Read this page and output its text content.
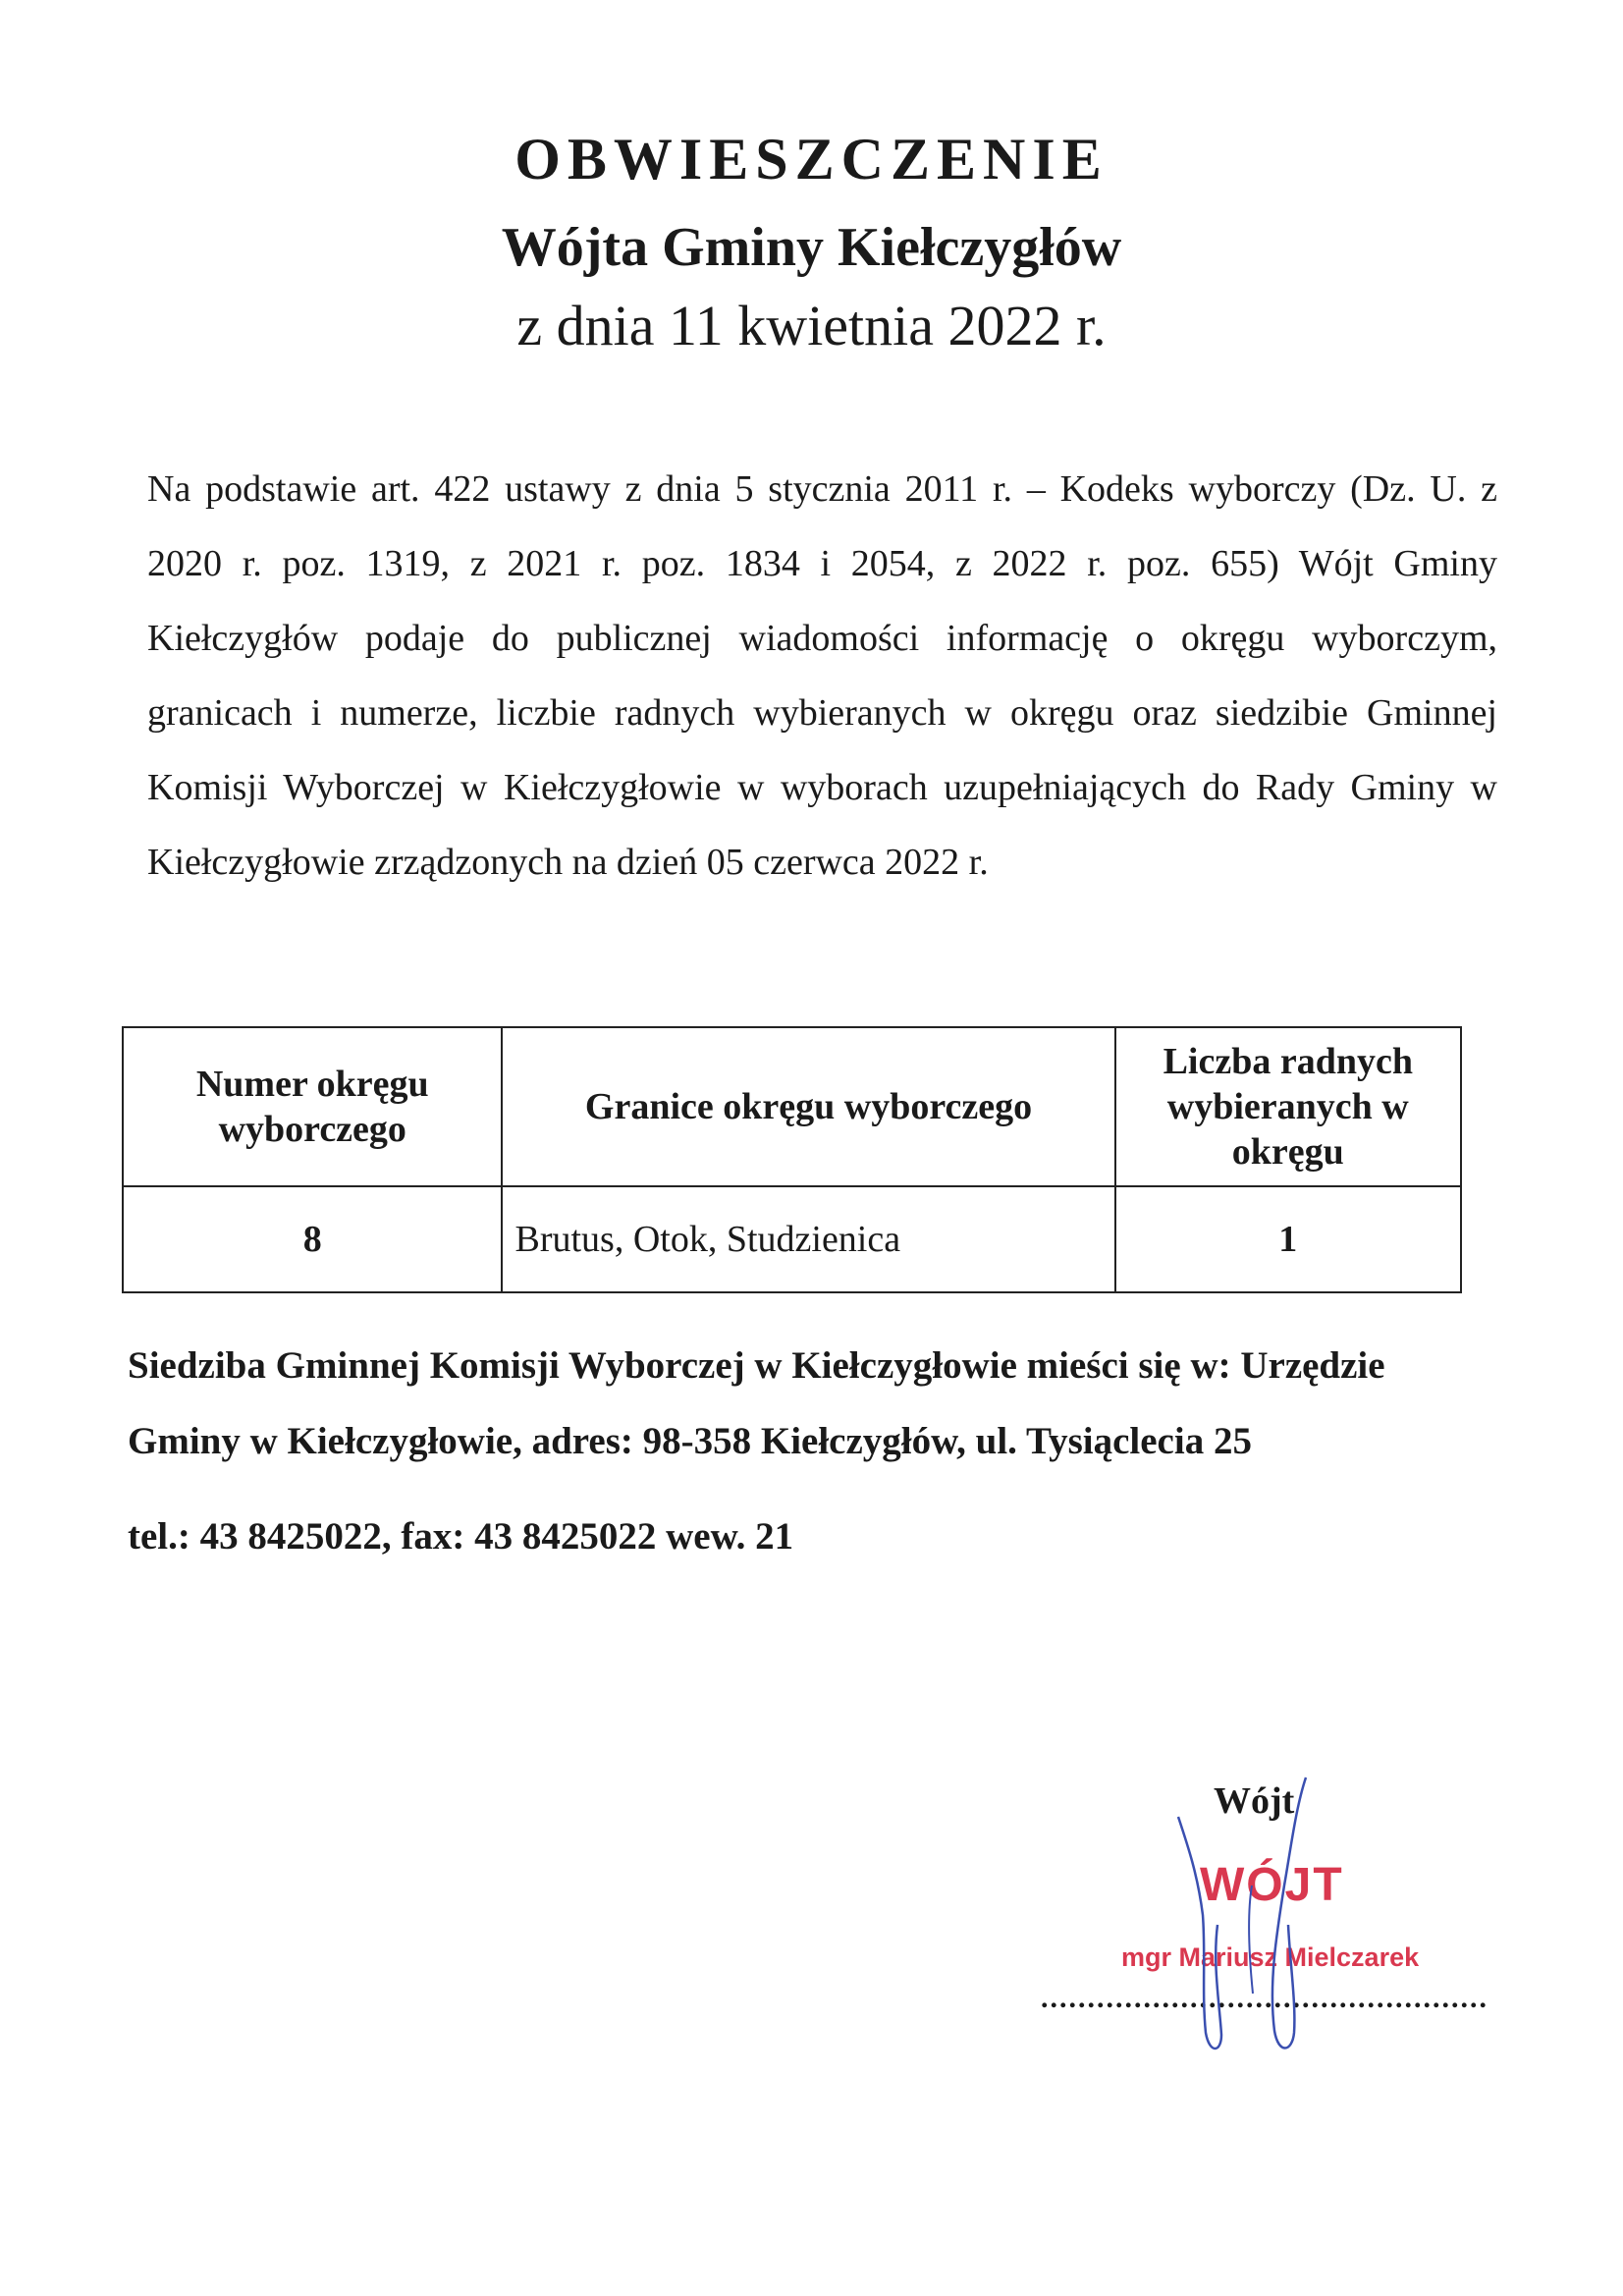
OBWIESZCZENIE
Wójta Gminy Kiełczygłów

z dnia 11 kwietnia 2022 r.

Na podstawie art. 422 ustawy z dnia 5 stycznia 2011 r. – Kodeks wyborczy (Dz. U. z 2020 r. poz. 1319, z 2021 r. poz. 1834 i 2054, z 2022 r. poz. 655) Wójt Gminy Kiełczygłów podaje do publicznej wiadomości informację o okręgu wyborczym, granicach i numerze, liczbie radnych wybieranych w okręgu oraz siedzibie Gminnej Komisji Wyborczej w Kiełczygłowie w wyborach uzupełniających do Rady Gminy w Kiełczygłowie zrządzonych na dzień 05 czerwca 2022 r.

Numer okręgu wyborczego	Granice okręgu wyborczego	Liczba radnych wybieranych w okręgu
8	Brutus, Otok, Studzienica	1

Siedziba Gminnej Komisji Wyborczej w Kiełczygłowie mieści się w: Urzędzie Gminy w Kiełczygłowie, adres: 98-358 Kiełczygłów, ul. Tysiąclecia 25
tel.: 43 8425022, fax: 43 8425022 wew. 21

Wójt
WÓJT
mgr Mariusz Mielczarek
................................................
